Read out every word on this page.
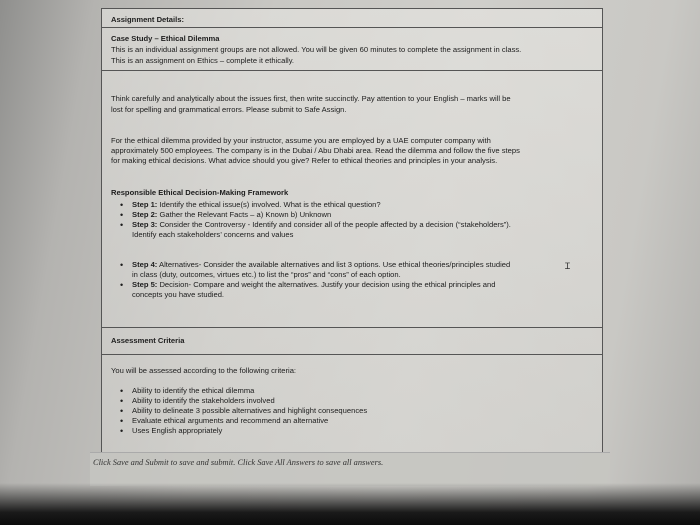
Assignment Details:
Case Study – Ethical Dilemma
This is an individual assignment groups are not allowed. You will be given 60 minutes to complete the assignment in class.
This is an assignment on Ethics – complete it ethically.
Think carefully and analytically about the issues first, then write succinctly. Pay attention to your English – marks will be
lost for spelling and grammatical errors. Please submit to Safe Assign.
For the ethical dilemma provided by your instructor, assume you are employed by a UAE computer company with
approximately 500 employees. The company is in the Dubai / Abu Dhabi area. Read the dilemma and follow the five steps
for making ethical decisions. What advice should you give? Refer to ethical theories and principles in your analysis.
Responsible Ethical Decision-Making Framework
• Step 1: Identify the ethical issue(s) involved. What is the ethical question?
• Step 2: Gather the Relevant Facts – a) Known b) Unknown
• Step 3: Consider the Controversy - Identify and consider all of the people affected by a decision (“stakeholders”).
Identify each stakeholders’ concerns and values
• Step 4: Alternatives- Consider the available alternatives and list 3 options. Use ethical theories/principles studied
in class (duty, outcomes, virtues etc.) to list the “pros” and “cons” of each option.
• Step 5: Decision- Compare and weight the alternatives. Justify your decision using the ethical principles and
concepts you have studied.
Ɪ
Assessment Criteria
You will be assessed according to the following criteria:
• Ability to identify the ethical dilemma
• Ability to identify the stakeholders involved
• Ability to delineate 3 possible alternatives and highlight consequences
• Evaluate ethical arguments and recommend an alternative
• Uses English appropriately
Click Save and Submit to save and submit. Click Save All Answers to save all answers.
